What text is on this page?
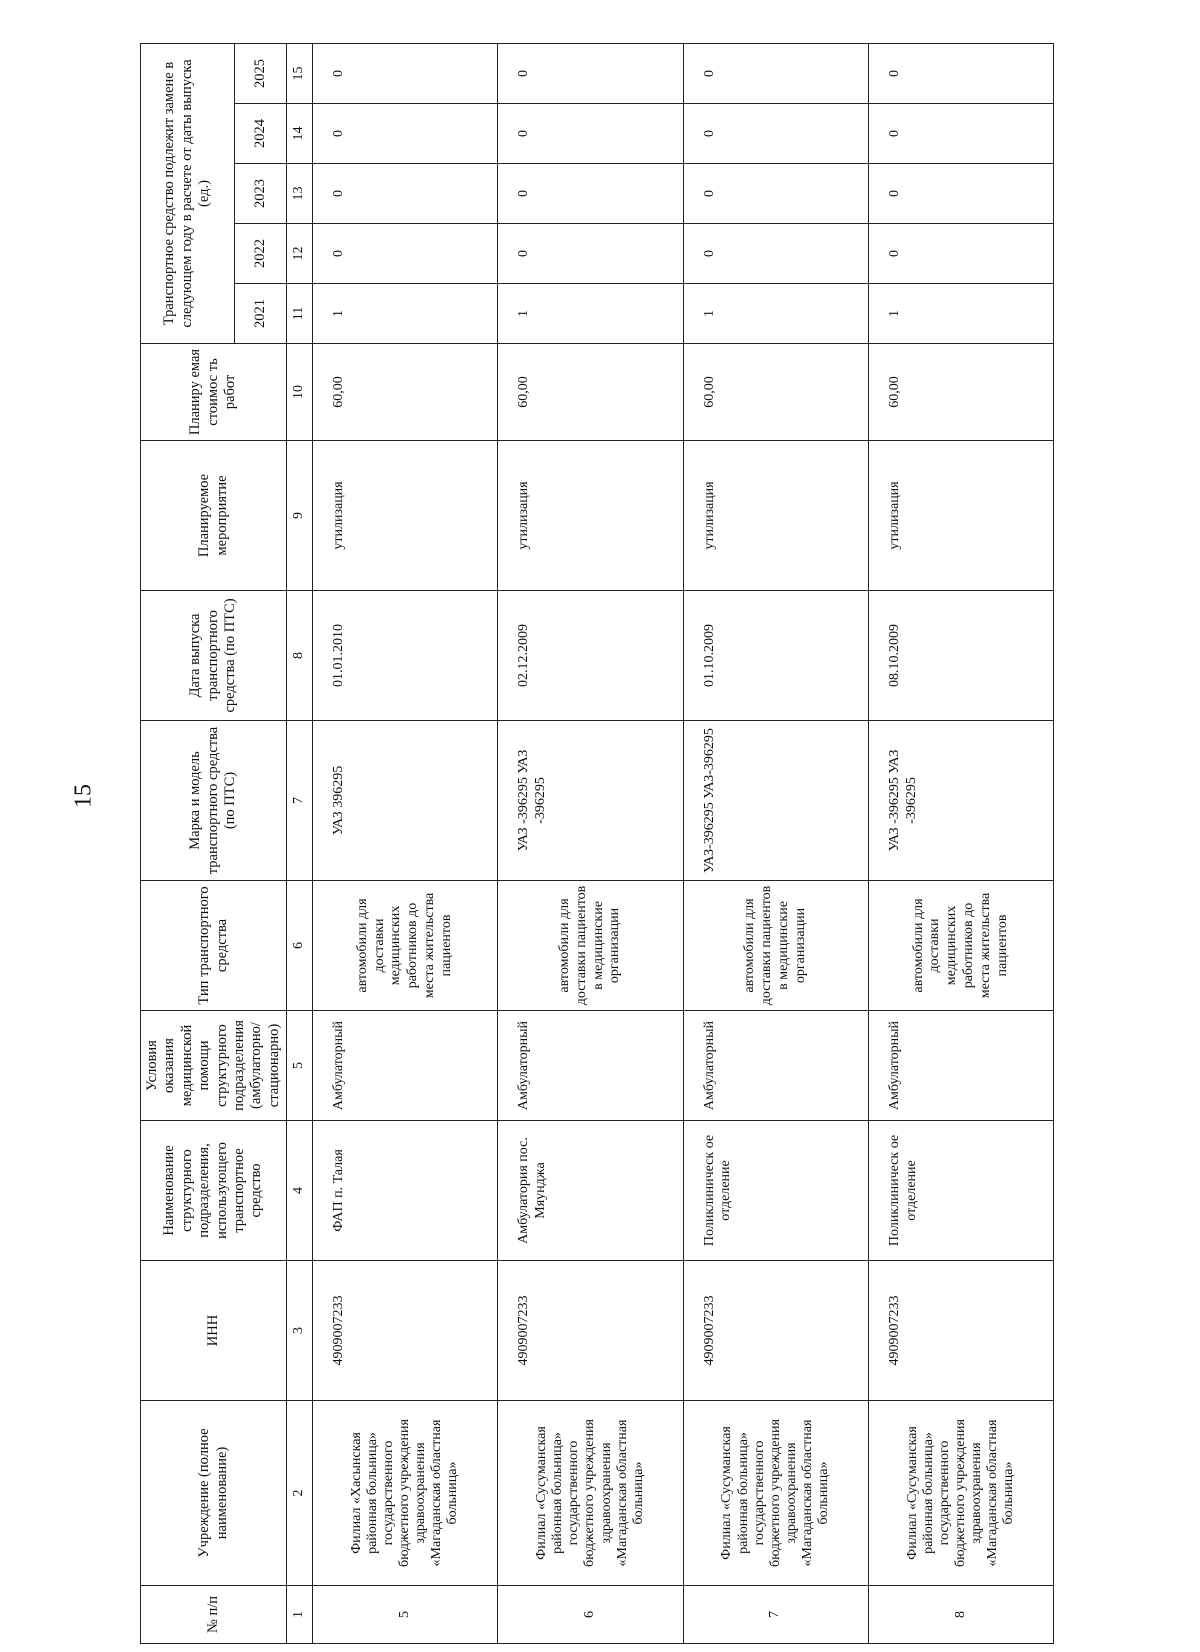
15
№ п/п	Учреждение (полное наименование)	ИНН	Наименование структурного подразделения, использующего транспортное средство	Условия оказания медицинской помощи структурного подразделения (амбулаторно/стационарно)	Тип транспортного средства	Марка и модель транспортного средства (по ПТС)	Дата выпуска транспортного средства (по ПТС)	Планируемое мероприятие	Планиру емая стоимос ть работ	Транспортное средство подлежит замене в следующем году в расчете от даты выпуска (ед.)				
										2021	2022	2023	2024	2025
1	2	3	4	5	6	7	8	9	10	11	12	13	14	15
5	Филиал «Хасынская районная больница» государственного бюджетного учреждения здравоохранения «Магаданская областная больница»	4909007233	ФАП п. Талая	Амбулаторный	автомобили для доставки медицинских работников до места жительства пациентов	УАЗ 396295	01.01.2010	утилизация	60,00	1	0	0	0	0
6	Филиал «Сусуманская районная больница» государственного бюджетного учреждения здравоохранения «Магаданская областная больница»	4909007233	Амбулатория пос. Мяунджа	Амбулаторный	автомобили для доставки пациентов в медицинские организации	УАЗ -396295 УАЗ -396295	02.12.2009	утилизация	60,00	1	0	0	0	0
7	Филиал «Сусуманская районная больница» государственного бюджетного учреждения здравоохранения «Магаданская областная больница»	4909007233	Поликлиническ ое отделение	Амбулаторный	автомобили для доставки пациентов в медицинские организации	УАЗ-396295 УАЗ-396295	01.10.2009	утилизация	60,00	1	0	0	0	0
8	Филиал «Сусуманская районная больница» государственного бюджетного учреждения здравоохранения «Магаданская областная больница»	4909007233	Поликлиническ ое отделение	Амбулаторный	автомобили для доставки медицинских работников до места жительства пациентов	УАЗ -396295 УАЗ -396295	08.10.2009	утилизация	60,00	1	0	0	0	0
